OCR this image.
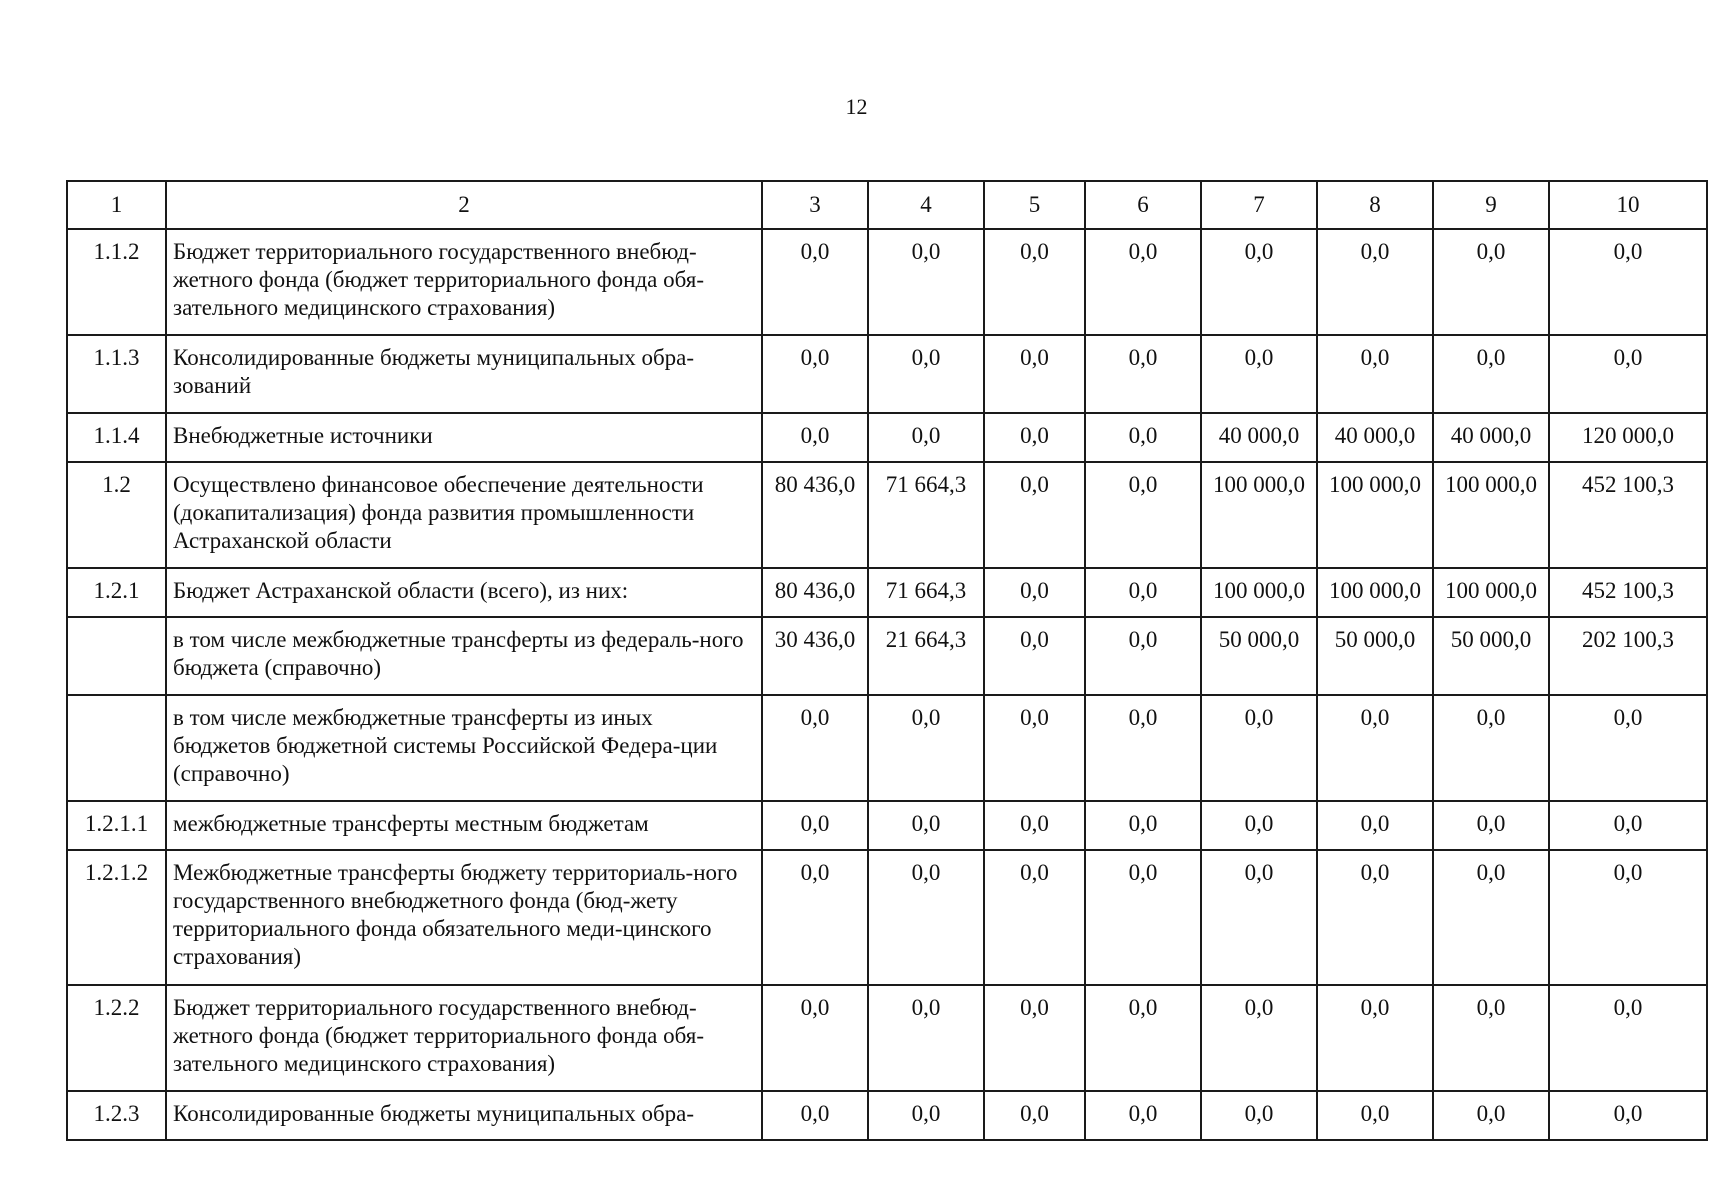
12
1	2	3	4	5	6	7	8	9	10
1.1.2	Бюджет территориального государственного внебюд-жетного фонда (бюджет территориального фонда обя-зательного медицинского страхования)	0,0	0,0	0,0	0,0	0,0	0,0	0,0	0,0
1.1.3	Консолидированные бюджеты муниципальных обра-зований	0,0	0,0	0,0	0,0	0,0	0,0	0,0	0,0
1.1.4	Внебюджетные источники	0,0	0,0	0,0	0,0	40 000,0	40 000,0	40 000,0	120 000,0
1.2	Осуществлено финансовое обеспечение деятельности (докапитализация) фонда развития промышленности Астраханской области	80 436,0	71 664,3	0,0	0,0	100 000,0	100 000,0	100 000,0	452 100,3
1.2.1	Бюджет Астраханской области (всего), из них:	80 436,0	71 664,3	0,0	0,0	100 000,0	100 000,0	100 000,0	452 100,3
	в том числе межбюджетные трансферты из федераль-ного бюджета (справочно)	30 436,0	21 664,3	0,0	0,0	50 000,0	50 000,0	50 000,0	202 100,3
	в том числе межбюджетные трансферты из иных бюджетов бюджетной системы Российской Федера-ции (справочно)	0,0	0,0	0,0	0,0	0,0	0,0	0,0	0,0
1.2.1.1	межбюджетные трансферты местным бюджетам	0,0	0,0	0,0	0,0	0,0	0,0	0,0	0,0
1.2.1.2	Межбюджетные трансферты бюджету территориаль-ного государственного внебюджетного фонда (бюд-жету территориального фонда обязательного меди-цинского страхования)	0,0	0,0	0,0	0,0	0,0	0,0	0,0	0,0
1.2.2	Бюджет территориального государственного внебюд-жетного фонда (бюджет территориального фонда обя-зательного медицинского страхования)	0,0	0,0	0,0	0,0	0,0	0,0	0,0	0,0
1.2.3	Консолидированные бюджеты муниципальных обра-	0,0	0,0	0,0	0,0	0,0	0,0	0,0	0,0
